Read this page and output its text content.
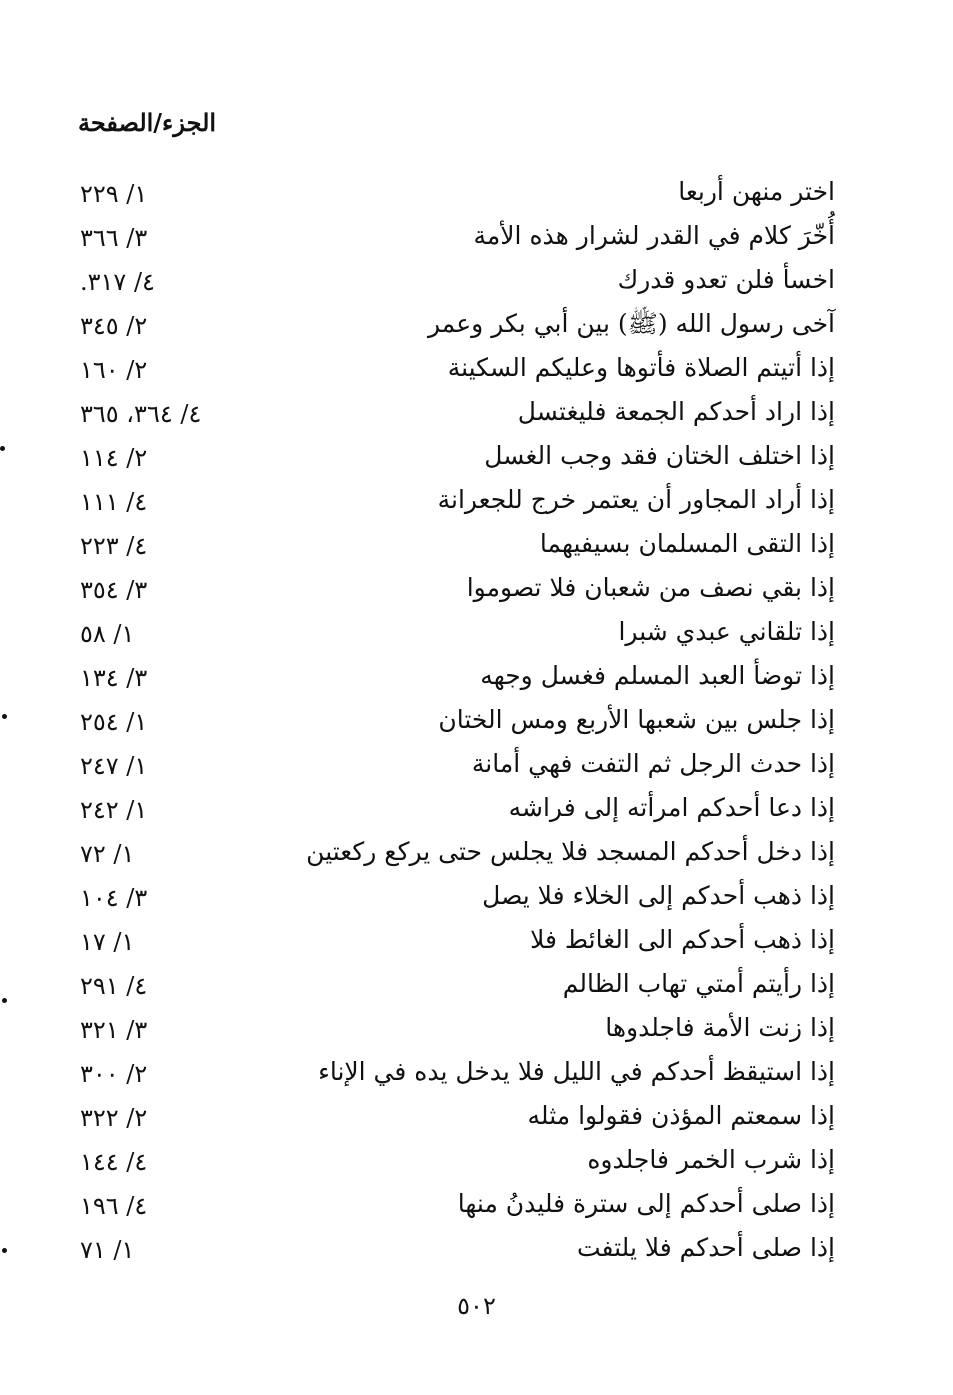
الجزء/الصفحة
اختر منهن أربعا
١/ ٢٢٩
أُخّرَ كلام في القدر لشرار هذه الأمة
٣/ ٣٦٦
اخسأ فلن تعدو قدرك
٤/ ٣١٧.
آخى رسول الله (ﷺ) بين أبي بكر وعمر
٢/ ٣٤٥
إذا أتيتم الصلاة فأتوها وعليكم السكينة
٢/ ١٦٠
إذا اراد أحدكم الجمعة فليغتسل
٤/ ٣٦٤، ٣٦٥
إذا اختلف الختان فقد وجب الغسل
٢/ ١١٤
إذا أراد المجاور أن يعتمر خرج للجعرانة
٤/ ١١١
إذا التقى المسلمان بسيفيهما
٤/ ٢٢٣
إذا بقي نصف من شعبان فلا تصوموا
٣/ ٣٥٤
إذا تلقاني عبدي شبرا
١/ ٥٨
إذا توضأ العبد المسلم فغسل وجهه
٣/ ١٣٤
إذا جلس بين شعبها الأربع ومس الختان
١/ ٢٥٤
إذا حدث الرجل ثم التفت فهي أمانة
١/ ٢٤٧
إذا دعا أحدكم امرأته إلى فراشه
١/ ٢٤٢
إذا دخل أحدكم المسجد فلا يجلس حتى يركع ركعتين
١/ ٧٢
إذا ذهب أحدكم إلى الخلاء فلا يصل
٣/ ١٠٤
إذا ذهب أحدكم الى الغائط فلا
١/ ١٧
إذا رأيتم أمتي تهاب الظالم
٤/ ٢٩١
إذا زنت الأمة فاجلدوها
٣/ ٣٢١
إذا استيقظ أحدكم في الليل فلا يدخل يده في الإناء
٢/ ٣٠٠
إذا سمعتم المؤذن فقولوا مثله
٢/ ٣٢٢
إذا شرب الخمر فاجلدوه
٤/ ١٤٤
إذا صلى أحدكم إلى سترة فليدنُ منها
٤/ ١٩٦
إذا صلى أحدكم فلا يلتفت
١/ ٧١
٥٠٢
